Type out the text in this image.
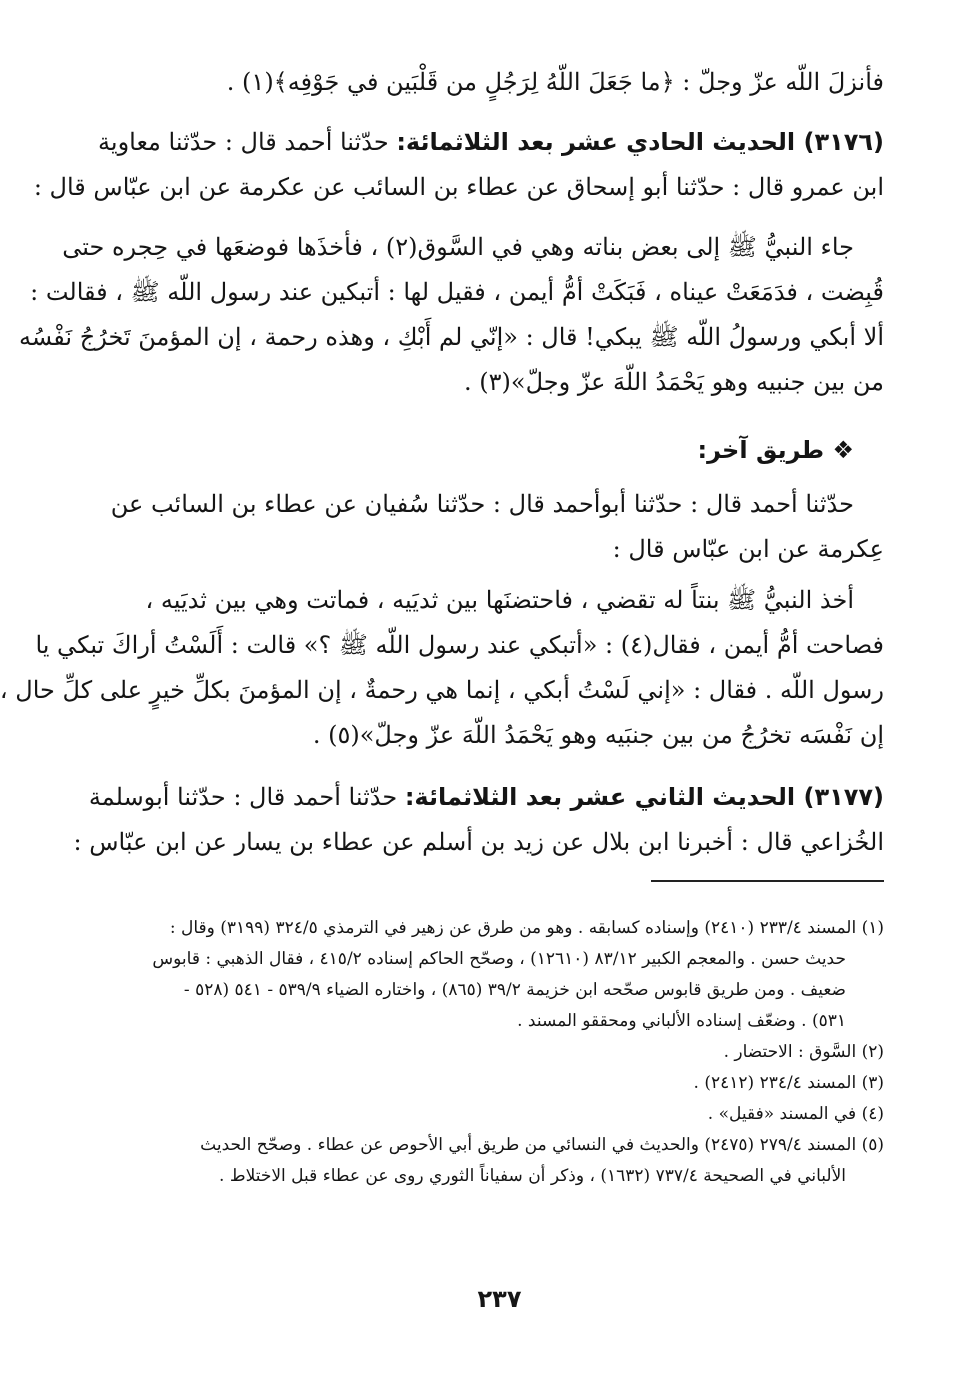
فأنزلَ اللّه عزّ وجلّ : ﴿ما جَعَلَ اللّهُ لِرَجُلٍ من قَلْبَين في جَوْفِه﴾(١) .
(٣١٧٦) الحديث الحادي عشر بعد الثلاثمائة: حدّثنا أحمد قال : حدّثنا معاوية
ابن عمرو قال : حدّثنا أبو إسحاق عن عطاء بن السائب عن عكرمة عن ابن عبّاس قال :
جاء النبيُّ ﷺ إلى بعض بناته وهي في السَّوق(٢) ، فأخذَها فوضعَها في حِجره حتى
قُبِضت ، فدَمَعَتْ عيناه ، فَبَكَتْ أمُّ أيمن ، فقيل لها : أتبكين عند رسول اللّه ﷺ ، فقالت :
ألا أبكي ورسولُ اللّه ﷺ يبكي! قال : «إنّي لم أَبْكِ ، وهذه رحمة ، إن المؤمنَ تَخرُجُ نَفْسُه
من بين جنبيه وهو يَحْمَدُ اللّهَ عزّ وجلّ»(٣) .
❖ طريق آخر:
حدّثنا أحمد قال : حدّثنا أبوأحمد قال : حدّثنا سُفيان عن عطاء بن السائب عن
عِكرمة عن ابن عبّاس قال :
أخذ النبيُّ ﷺ بنتاً له تقضي ، فاحتضنَها بين ثديَيه ، فماتت وهي بين ثديَيه ،
فصاحت أمُّ أيمن ، فقال(٤) : «أتبكي عند رسول اللّه ﷺ ؟» قالت : أَلَسْتُ أراكَ تبكي يا
رسول اللّه . فقال : «إني لَسْتُ أبكي ، إنما هي رحمةٌ ، إن المؤمنَ بكلِّ خيرٍ على كلِّ حال ،
إن نَفْسَه تخرُجُ من بين جنبَيه وهو يَحْمَدُ اللّهَ عزّ وجلّ»(٥) .
(٣١٧٧) الحديث الثاني عشر بعد الثلاثمائة: حدّثنا أحمد قال : حدّثنا أبوسلمة
الخُزاعي قال : أخبرنا ابن بلال عن زيد بن أسلم عن عطاء بن يسار عن ابن عبّاس :
(١) المسند ٢٣٣/٤ (٢٤١٠) وإسناده كسابقه . وهو من طرق عن زهير في الترمذي ٣٢٤/٥ (٣١٩٩) وقال :
حديث حسن . والمعجم الكبير ٨٣/١٢ (١٢٦١٠) ، وصحّح الحاكم إسناده ٤١٥/٢ ، فقال الذهبي : قابوس
ضعيف . ومن طريق قابوس صحّحه ابن خزيمة ٣٩/٢ (٨٦٥) ، واختاره الضياء ٥٣٩/٩ - ٥٤١ (٥٢٨ -
٥٣١) . وضعّف إسناده الألباني ومحققو المسند .
(٢) السَّوق : الاحتضار .
(٣) المسند ٢٣٤/٤ (٢٤١٢) .
(٤) في المسند «فقيل» .
(٥) المسند ٢٧٩/٤ (٢٤٧٥) والحديث في النسائي من طريق أبي الأحوص عن عطاء . وصحّح الحديث
الألباني في الصحيحة ٧٣٧/٤ (١٦٣٢) ، وذكر أن سفياناً الثوري روى عن عطاء قبل الاختلاط .
٢٣٧
